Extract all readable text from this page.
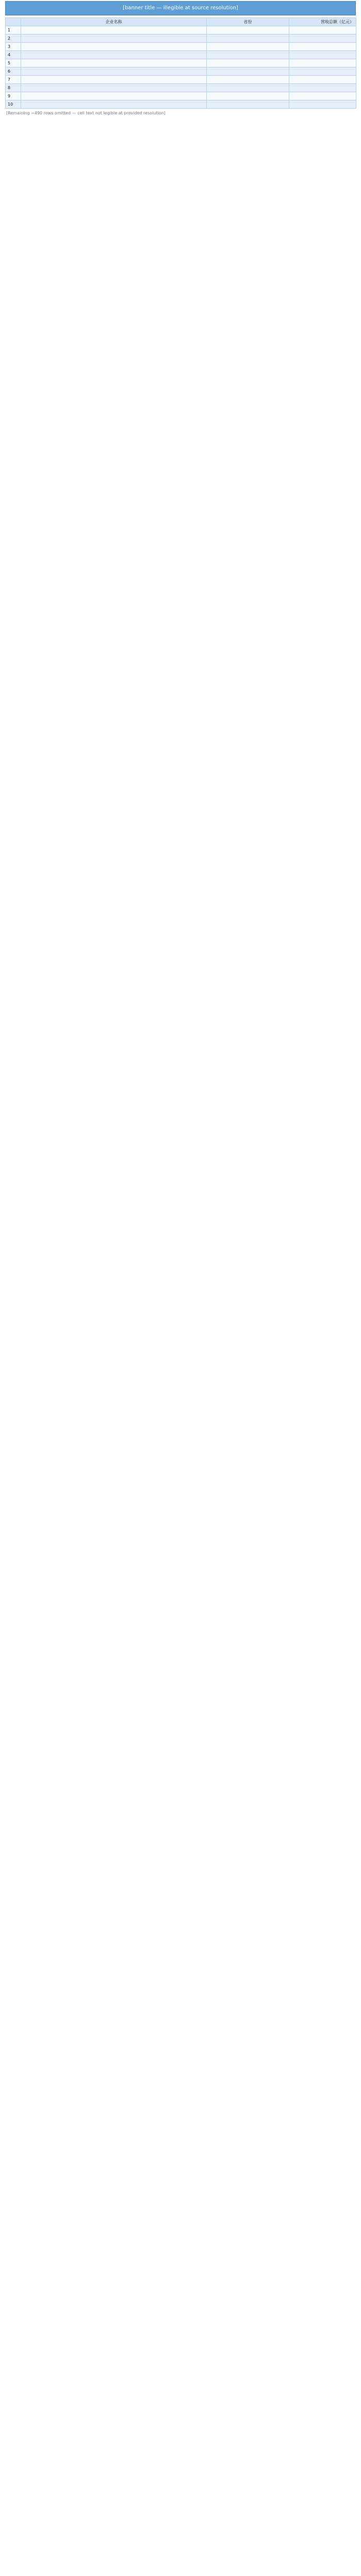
[banner title — illegible at source resolution]
	企业名称	省份	营收总额（亿元）
1			
2			
3			
4			
5			
6			
7			
8			
9			
10			
[Remaining ~490 rows omitted — cell text not legible at provided resolution]
